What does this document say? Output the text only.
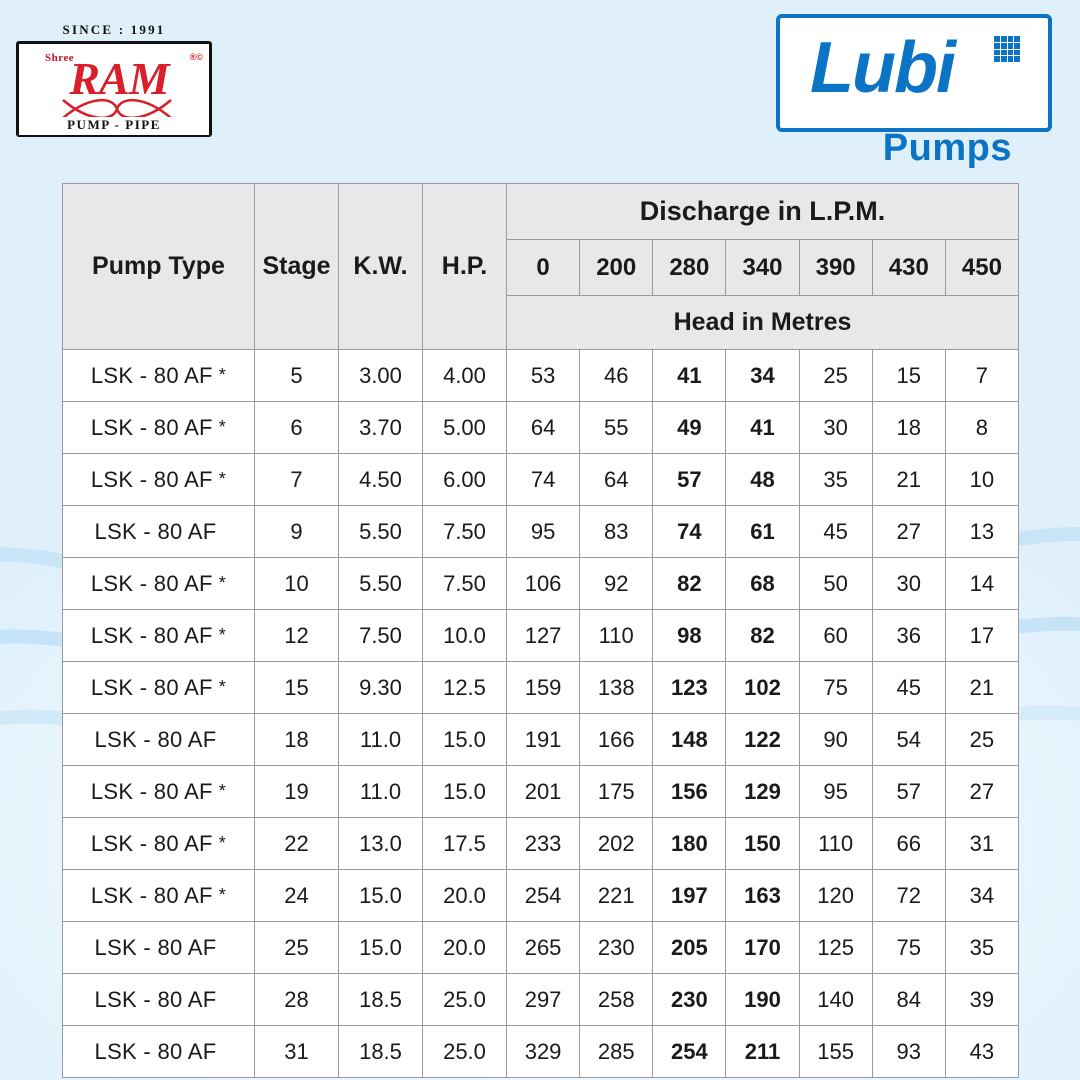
SINCE : 1991
Shree
RAM	®©
PUMP - PIPE
Lubi
Pumps
Pump Type	Stage	K.W.	H.P.	Discharge in L.P.M.						
				0	200	280	340	390	430	450
				Head in Metres						
LSK - 80 AF *	5	3.00	4.00	53	46	41	34	25	15	7
LSK - 80 AF *	6	3.70	5.00	64	55	49	41	30	18	8
LSK - 80 AF *	7	4.50	6.00	74	64	57	48	35	21	10
LSK - 80 AF	9	5.50	7.50	95	83	74	61	45	27	13
LSK - 80 AF *	10	5.50	7.50	106	92	82	68	50	30	14
LSK - 80 AF *	12	7.50	10.0	127	110	98	82	60	36	17
LSK - 80 AF *	15	9.30	12.5	159	138	123	102	75	45	21
LSK - 80 AF	18	11.0	15.0	191	166	148	122	90	54	25
LSK - 80 AF *	19	11.0	15.0	201	175	156	129	95	57	27
LSK - 80 AF *	22	13.0	17.5	233	202	180	150	110	66	31
LSK - 80 AF *	24	15.0	20.0	254	221	197	163	120	72	34
LSK - 80 AF	25	15.0	20.0	265	230	205	170	125	75	35
LSK - 80 AF	28	18.5	25.0	297	258	230	190	140	84	39
LSK - 80 AF	31	18.5	25.0	329	285	254	211	155	93	43
